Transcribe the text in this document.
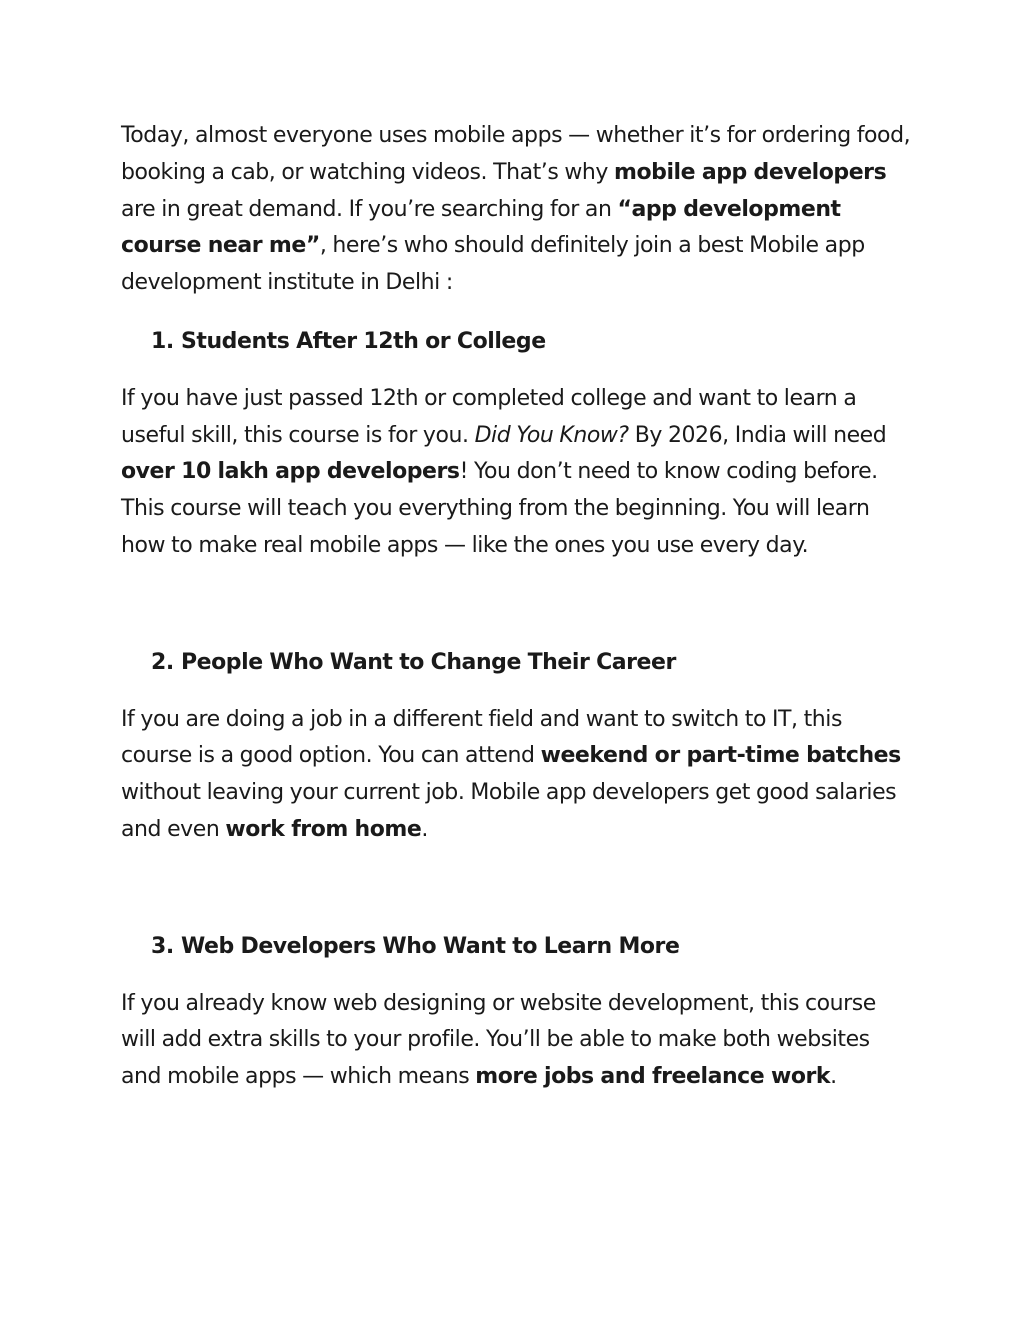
Today, almost everyone uses mobile apps — whether it’s for ordering food, booking a cab, or watching videos. That’s why mobile app developers are in great demand. If you’re searching for an “app development course near me”, here’s who should definitely join a best Mobile app development institute in Delhi :

1. Students After 12th or College

If you have just passed 12th or completed college and want to learn a useful skill, this course is for you. Did You Know? By 2026, India will need over 10 lakh app developers! You don’t need to know coding before. This course will teach you everything from the beginning. You will learn how to make real mobile apps — like the ones you use every day.

2. People Who Want to Change Their Career

If you are doing a job in a different field and want to switch to IT, this course is a good option. You can attend weekend or part-time batches without leaving your current job. Mobile app developers get good salaries and even work from home.

3. Web Developers Who Want to Learn More

If you already know web designing or website development, this course will add extra skills to your profile. You’ll be able to make both websites and mobile apps — which means more jobs and freelance work.
